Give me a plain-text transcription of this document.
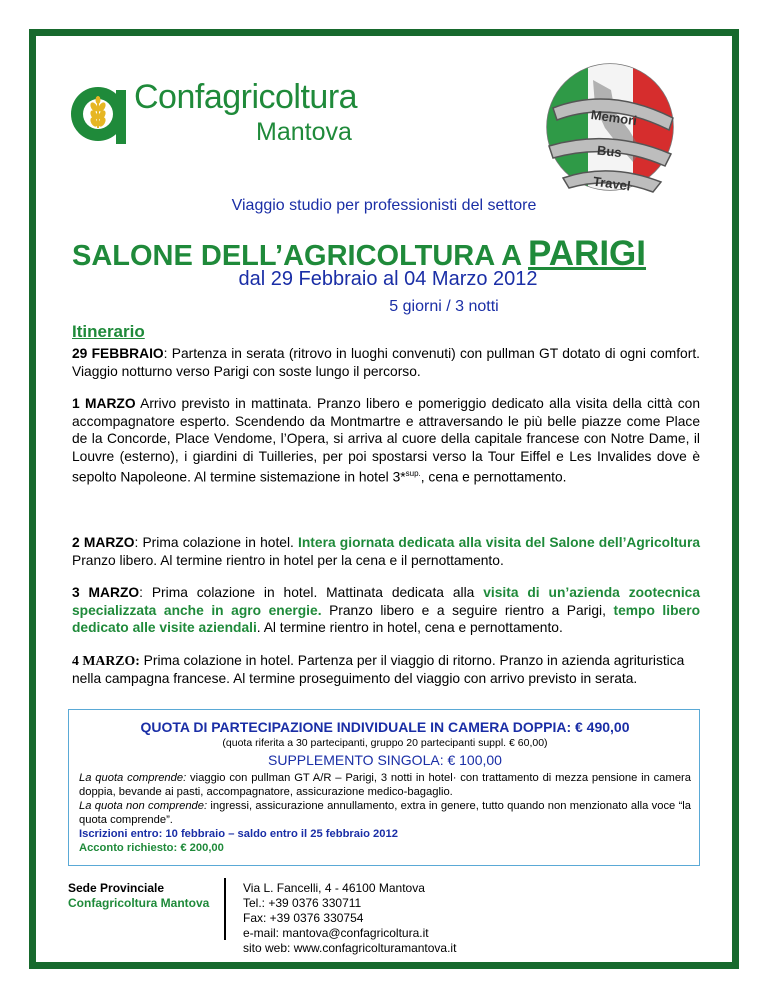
Confagricoltura
Mantova
Memori
Bus
Travel
Viaggio studio per professionisti del settore
SALONE DELL’AGRICOLTURA A PARIGI
dal 29 Febbraio al 04 Marzo 2012
5 giorni / 3 notti
Itinerario
29 FEBBRAIO: Partenza in serata (ritrovo in luoghi convenuti) con pullman GT dotato di ogni comfort. Viaggio notturno verso Parigi con soste lungo il percorso.
1 MARZO Arrivo previsto in mattinata. Pranzo libero e pomeriggio dedicato alla visita della città con accompagnatore esperto. Scendendo da Montmartre e attraversando le più belle piazze come Place de la Concorde, Place Vendome, l’Opera, si arriva al cuore della capitale francese con Notre Dame, il Louvre (esterno), i giardini di Tuilleries, per poi spostarsi verso la Tour Eiffel e Les Invalides dove è sepolto Napoleone. Al termine sistemazione in hotel 3*$^{sup.}$, cena e pernottamento.
2 MARZO: Prima colazione in hotel. Intera giornata dedicata alla visita del Salone dell’Agricoltura Pranzo libero. Al termine rientro in hotel per la cena e il pernottamento.
3 MARZO: Prima colazione in hotel. Mattinata dedicata alla visita di un’azienda zootecnica specializzata anche in agro energie. Pranzo libero e a seguire rientro a Parigi, tempo libero dedicato alle visite aziendali. Al termine rientro in hotel, cena e pernottamento.
4 MARZO: Prima colazione in hotel. Partenza per il viaggio di ritorno. Pranzo in azienda agrituristica nella campagna francese. Al termine proseguimento del viaggio con arrivo previsto in serata.
QUOTA DI PARTECIPAZIONE INDIVIDUALE IN CAMERA DOPPIA: € 490,00
(quota riferita a 30 partecipanti, gruppo 20 partecipanti suppl. € 60,00)
SUPPLEMENTO SINGOLA: € 100,00
La quota comprende: viaggio con pullman GT A/R – Parigi, 3 notti in hotel· con trattamento di mezza pensione in camera doppia, bevande ai pasti, accompagnatore, assicurazione medico-bagaglio.
La quota non comprende: ingressi, assicurazione annullamento, extra in genere, tutto quando non menzionato alla voce “la quota comprende”.
Iscrizioni entro: 10 febbraio – saldo entro il 25 febbraio 2012
Acconto richiesto: € 200,00
Sede Provinciale
Confagricoltura Mantova
Via L. Fancelli, 4 - 46100 Mantova
Tel.: +39 0376 330711
Fax: +39 0376 330754
e-mail: mantova@confagricoltura.it
sito web: www.confagricolturamantova.it
